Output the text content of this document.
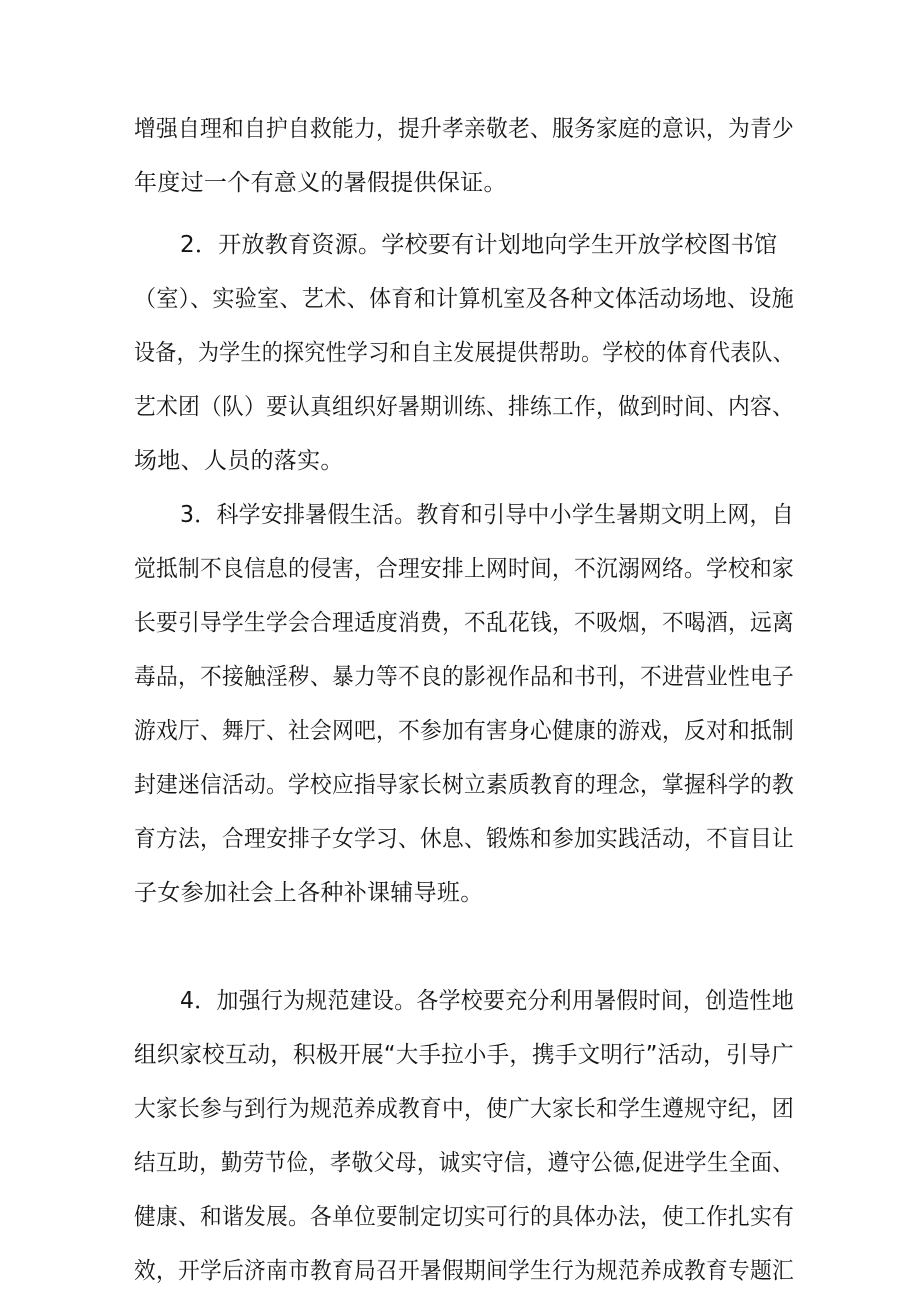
增强自理和自护自救能力，提升孝亲敬老、服务家庭的意识，为青少
年度过一个有意义的暑假提供保证。
2．开放教育资源。学校要有计划地向学生开放学校图书馆
（室）、实验室、艺术、体育和计算机室及各种文体活动场地、设施
设备，为学生的探究性学习和自主发展提供帮助。学校的体育代表队、
艺术团（队）要认真组织好暑期训练、排练工作，做到时间、内容、
场地、人员的落实。
3．科学安排暑假生活。教育和引导中小学生暑期文明上网，自
觉抵制不良信息的侵害，合理安排上网时间，不沉溺网络。学校和家
长要引导学生学会合理适度消费，不乱花钱，不吸烟，不喝酒，远离
毒品，不接触淫秽、暴力等不良的影视作品和书刊，不进营业性电子
游戏厅、舞厅、社会网吧，不参加有害身心健康的游戏，反对和抵制
封建迷信活动。学校应指导家长树立素质教育的理念，掌握科学的教
育方法，合理安排子女学习、休息、锻炼和参加实践活动，不盲目让
子女参加社会上各种补课辅导班。
4．加强行为规范建设。各学校要充分利用暑假时间，创造性地
组织家校互动，积极开展“大手拉小手，携手文明行”活动，引导广
大家长参与到行为规范养成教育中，使广大家长和学生遵规守纪，团
结互助，勤劳节俭，孝敬父母，诚实守信，遵守公德,促进学生全面、
健康、和谐发展。各单位要制定切实可行的具体办法，使工作扎实有
效，开学后济南市教育局召开暑假期间学生行为规范养成教育专题汇
